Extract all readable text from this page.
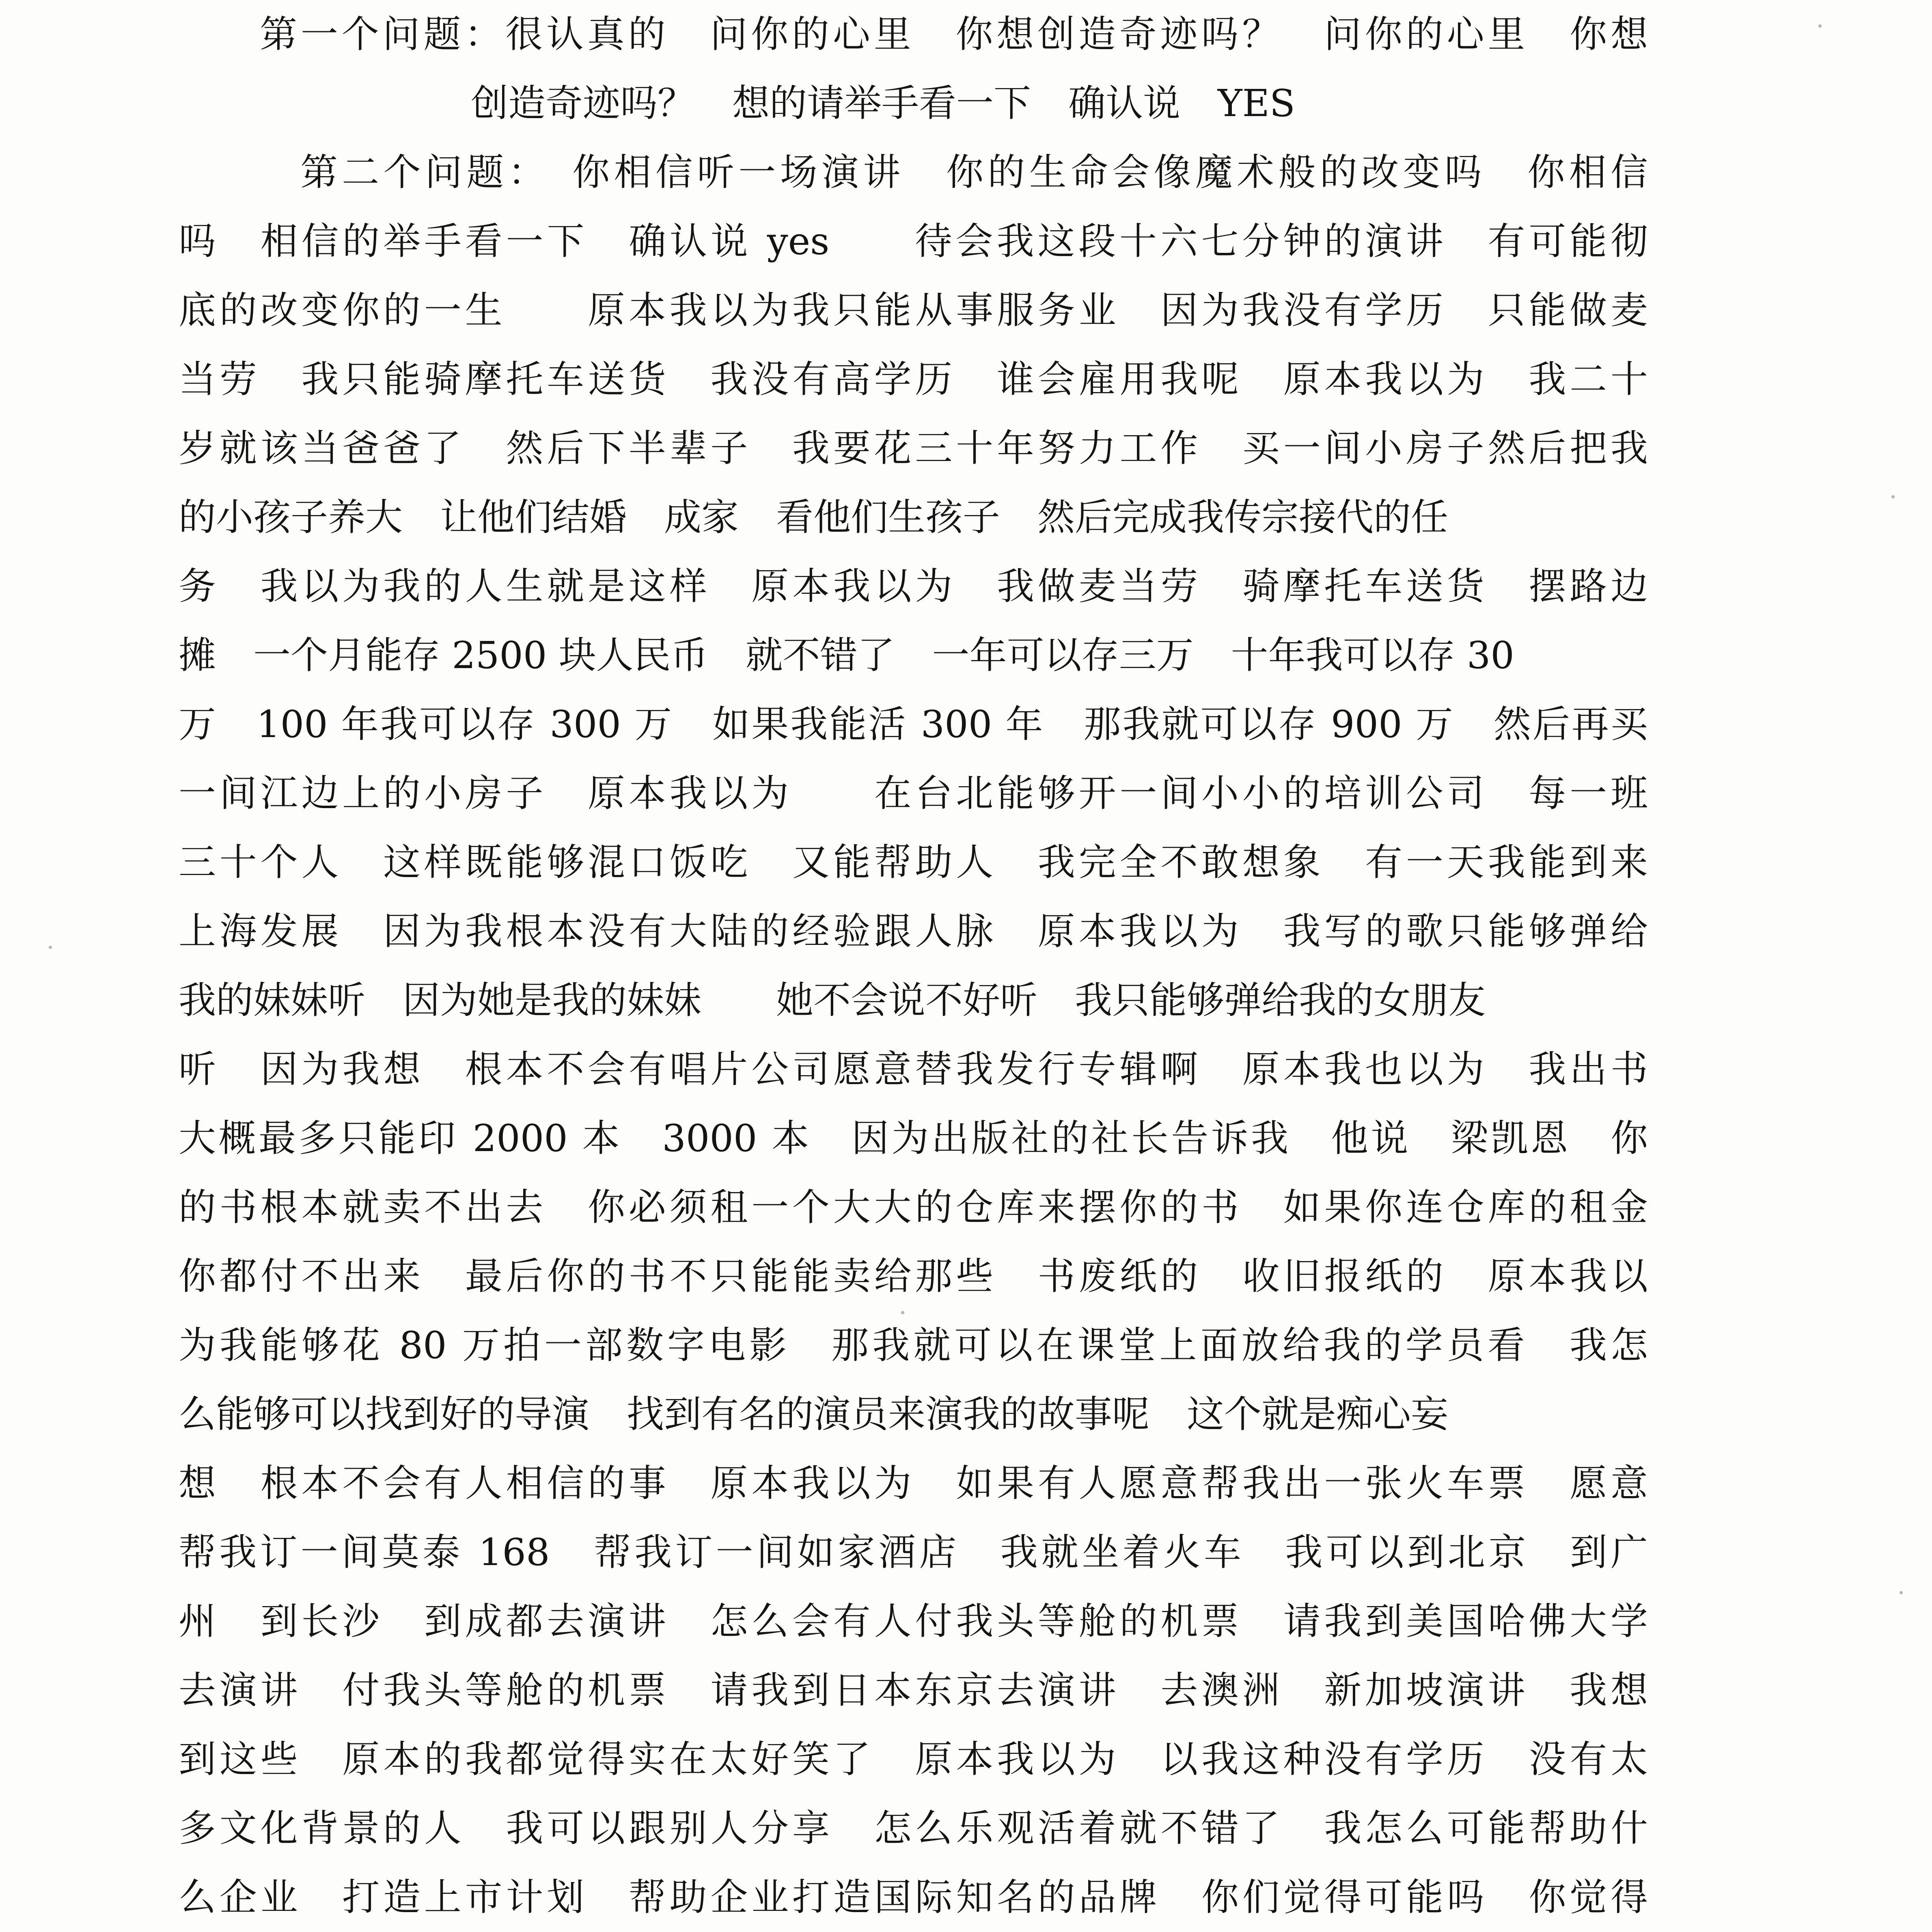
第一个问题：很认真的　问你的心里　你想创造奇迹吗？　问你的心里　你想
创造奇迹吗？　想的请举手看一下　确认说　YES
第二个问题：　你相信听一场演讲　你的生命会像魔术般的改变吗　你相信
吗　相信的举手看一下　确认说 yes　　待会我这段十六七分钟的演讲　有可能彻
底的改变你的一生　　原本我以为我只能从事服务业　因为我没有学历　只能做麦
当劳　我只能骑摩托车送货　我没有高学历　谁会雇用我呢　原本我以为　我二十
岁就该当爸爸了　然后下半辈子　我要花三十年努力工作　买一间小房子然后把我
的小孩子养大　让他们结婚　成家　看他们生孩子　然后完成我传宗接代的任
务　我以为我的人生就是这样　原本我以为　我做麦当劳　骑摩托车送货　摆路边
摊　一个月能存 2500 块人民币　就不错了　一年可以存三万　十年我可以存 30
万　100 年我可以存 300 万　如果我能活 300 年　那我就可以存 900 万　然后再买
一间江边上的小房子　原本我以为　　在台北能够开一间小小的培训公司　每一班
三十个人　这样既能够混口饭吃　又能帮助人　我完全不敢想象　有一天我能到来
上海发展　因为我根本没有大陆的经验跟人脉　原本我以为　我写的歌只能够弹给
我的妹妹听　因为她是我的妹妹　　她不会说不好听　我只能够弹给我的女朋友
听　因为我想　根本不会有唱片公司愿意替我发行专辑啊　原本我也以为　我出书
大概最多只能印 2000 本　3000 本　因为出版社的社长告诉我　他说　梁凯恩　你
的书根本就卖不出去　你必须租一个大大的仓库来摆你的书　如果你连仓库的租金
你都付不出来　最后你的书不只能能卖给那些　书废纸的　收旧报纸的　原本我以
为我能够花 80 万拍一部数字电影　那我就可以在课堂上面放给我的学员看　我怎
么能够可以找到好的导演　找到有名的演员来演我的故事呢　这个就是痴心妄
想　根本不会有人相信的事　原本我以为　如果有人愿意帮我出一张火车票　愿意
帮我订一间莫泰 168　帮我订一间如家酒店　我就坐着火车　我可以到北京　到广
州　到长沙　到成都去演讲　怎么会有人付我头等舱的机票　请我到美国哈佛大学
去演讲　付我头等舱的机票　请我到日本东京去演讲　去澳洲　新加坡演讲　我想
到这些　原本的我都觉得实在太好笑了　原本我以为　以我这种没有学历　没有太
多文化背景的人　我可以跟别人分享　怎么乐观活着就不错了　我怎么可能帮助什
么企业　打造上市计划　帮助企业打造国际知名的品牌　你们觉得可能吗　你觉得
